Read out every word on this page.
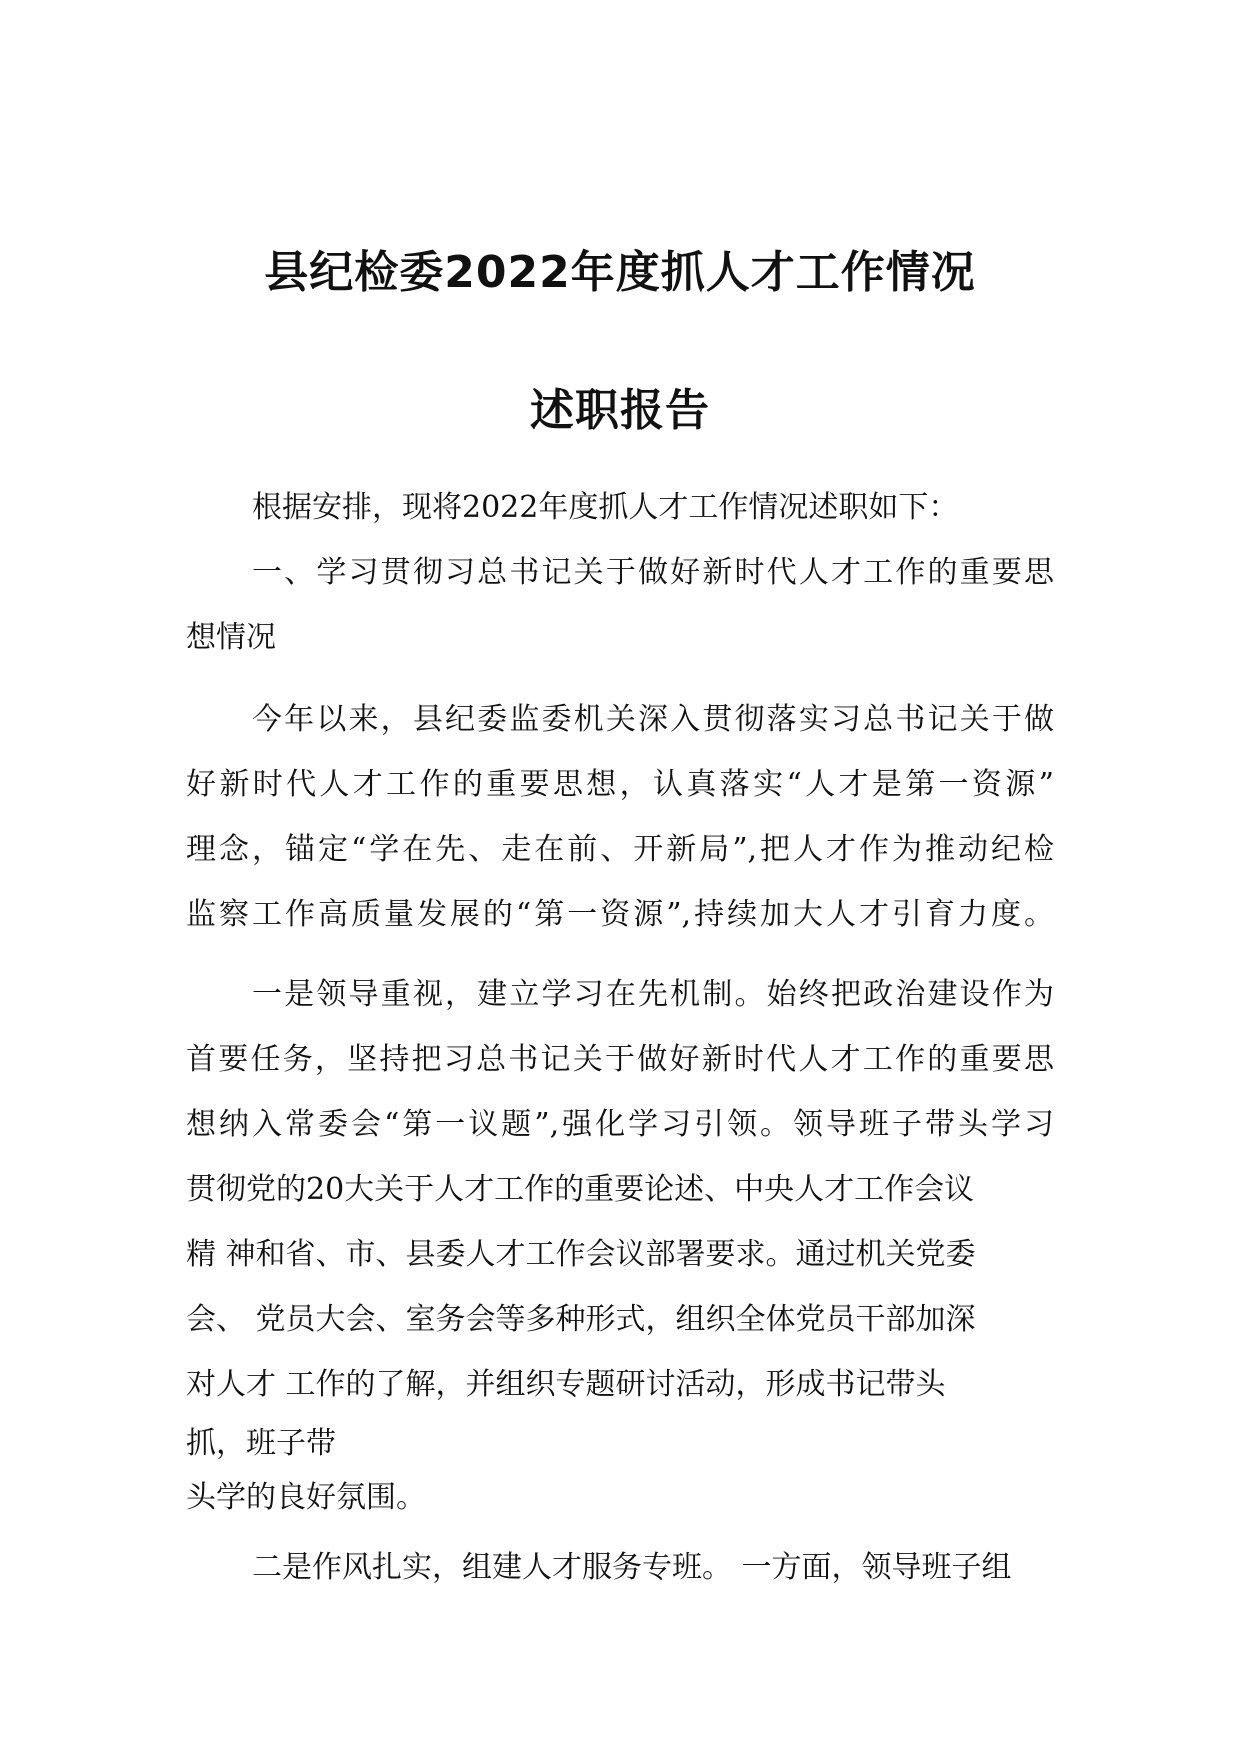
县纪检委2022年度抓人才工作情况
述职报告
根据安排，现将2022年度抓人才工作情况述职如下：
一、学习贯彻习总书记关于做好新时代人才工作的重要思
想情况
今年以来，县纪委监委机关深入贯彻落实习总书记关于做
好新时代人才工作的重要思想，认真落实“人才是第一资源”
理念，锚定“学在先、走在前、开新局”,把人才作为推动纪检
监察工作高质量发展的“第一资源”,持续加大人才引育力度。
一是领导重视，建立学习在先机制。始终把政治建设作为
首要任务，坚持把习总书记关于做好新时代人才工作的重要思
想纳入常委会“第一议题”,强化学习引领。领导班子带头学习
贯彻党的20大关于人才工作的重要论述、中央人才工作会议
精 神和省、市、县委人才工作会议部署要求。通过机关党委
会、 党员大会、室务会等多种形式，组织全体党员干部加深
对人才 工作的了解，并组织专题研讨活动，形成书记带头
抓，班子带
头学的良好氛围。
二是作风扎实，组建人才服务专班。 一方面，领导班子组
